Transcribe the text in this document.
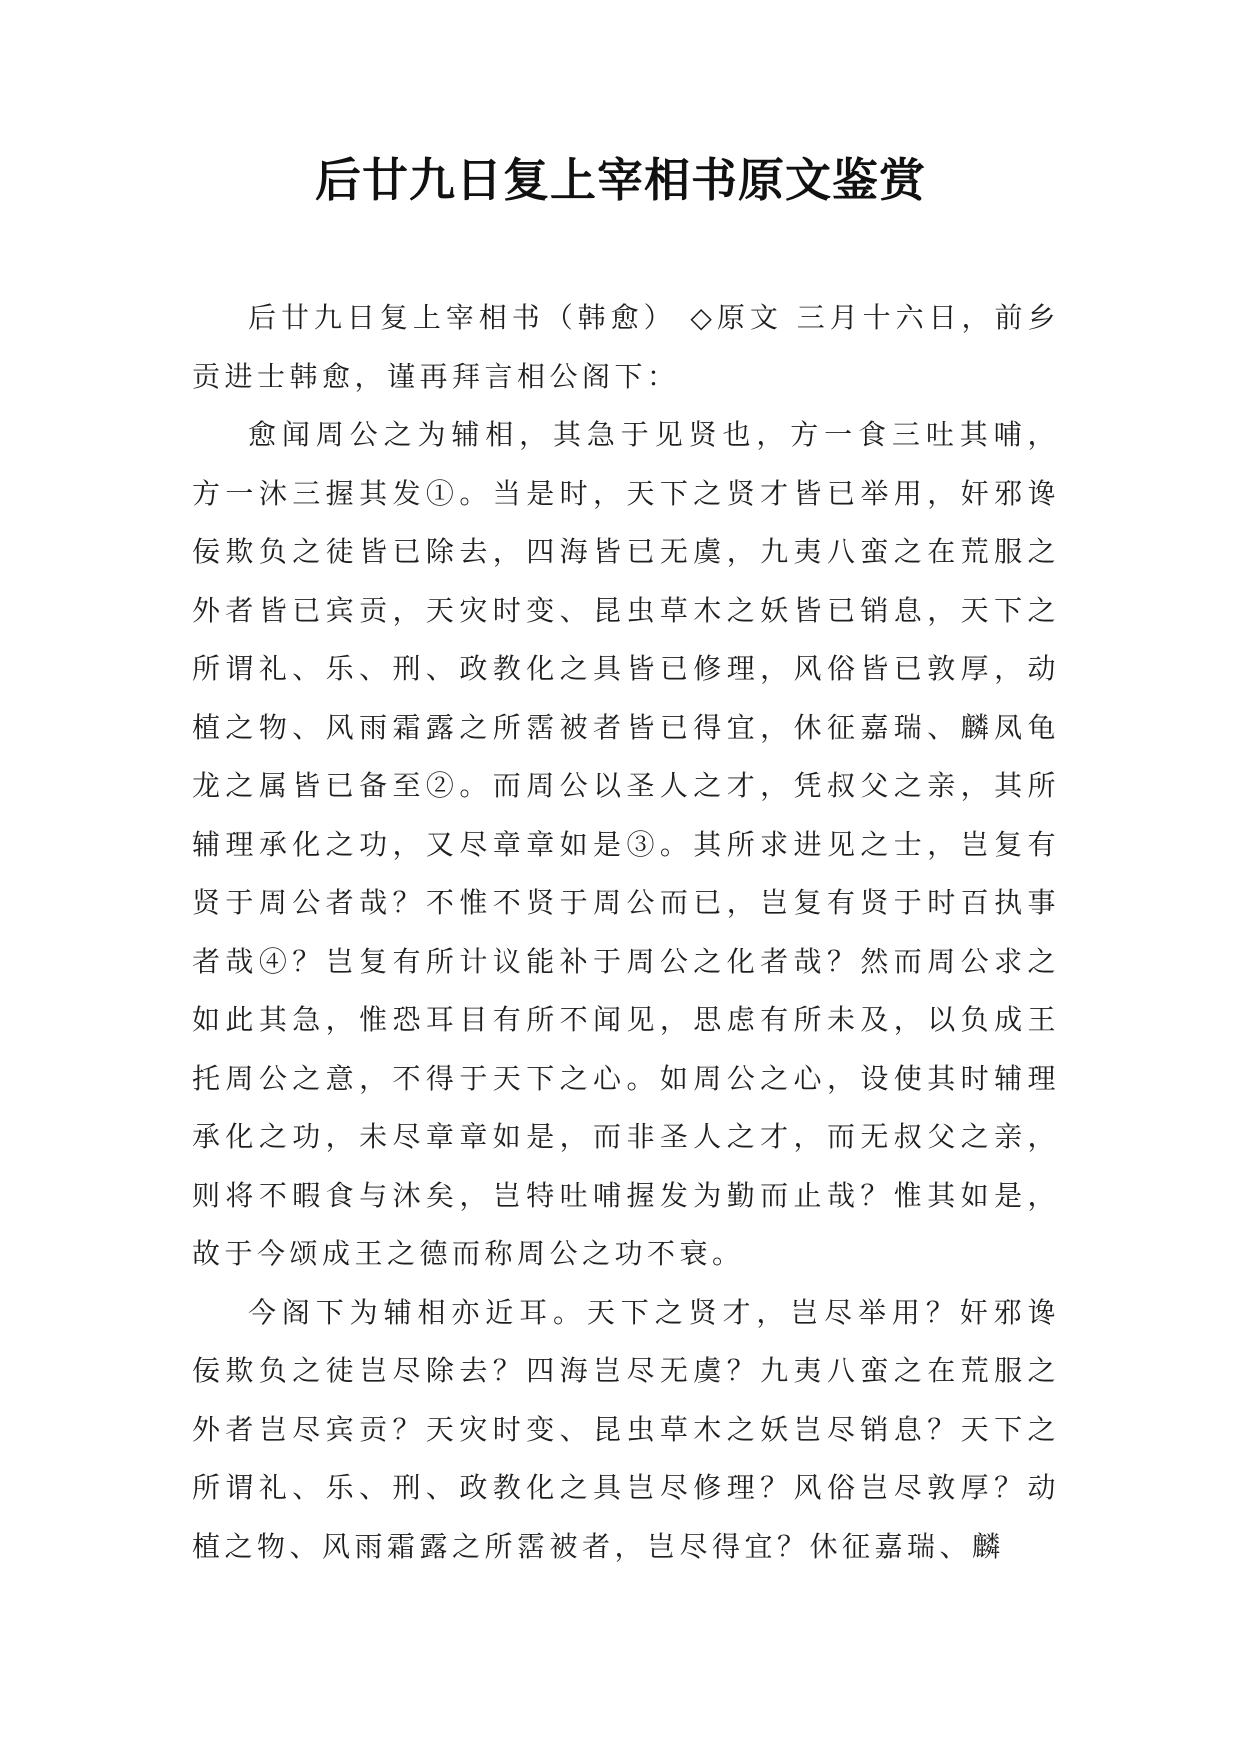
后廿九日复上宰相书原文鉴赏

后廿九日复上宰相书（韩愈） ◇原文 三月十六日，前乡贡进士韩愈，谨再拜言相公阁下：

愈闻周公之为辅相，其急于见贤也，方一食三吐其哺，方一沐三握其发①。当是时，天下之贤才皆已举用，奸邪谗佞欺负之徒皆已除去，四海皆已无虞，九夷八蛮之在荒服之外者皆已宾贡，天灾时变、昆虫草木之妖皆已销息，天下之所谓礼、乐、刑、政教化之具皆已修理，风俗皆已敦厚，动植之物、风雨霜露之所霑被者皆已得宜，休征嘉瑞、麟凤龟龙之属皆已备至②。而周公以圣人之才，凭叔父之亲，其所辅理承化之功，又尽章章如是③。其所求进见之士，岂复有贤于周公者哉？不惟不贤于周公而已，岂复有贤于时百执事者哉④？岂复有所计议能补于周公之化者哉？然而周公求之如此其急，惟恐耳目有所不闻见，思虑有所未及，以负成王托周公之意，不得于天下之心。如周公之心，设使其时辅理承化之功，未尽章章如是，而非圣人之才，而无叔父之亲，则将不暇食与沐矣，岂特吐哺握发为勤而止哉？惟其如是，故于今颂成王之德而称周公之功不衰。

今阁下为辅相亦近耳。天下之贤才，岂尽举用？奸邪谗佞欺负之徒岂尽除去？四海岂尽无虞？九夷八蛮之在荒服之外者岂尽宾贡？天灾时变、昆虫草木之妖岂尽销息？天下之所谓礼、乐、刑、政教化之具岂尽修理？风俗岂尽敦厚？动植之物、风雨霜露之所霑被者，岂尽得宜？休征嘉瑞、麟
